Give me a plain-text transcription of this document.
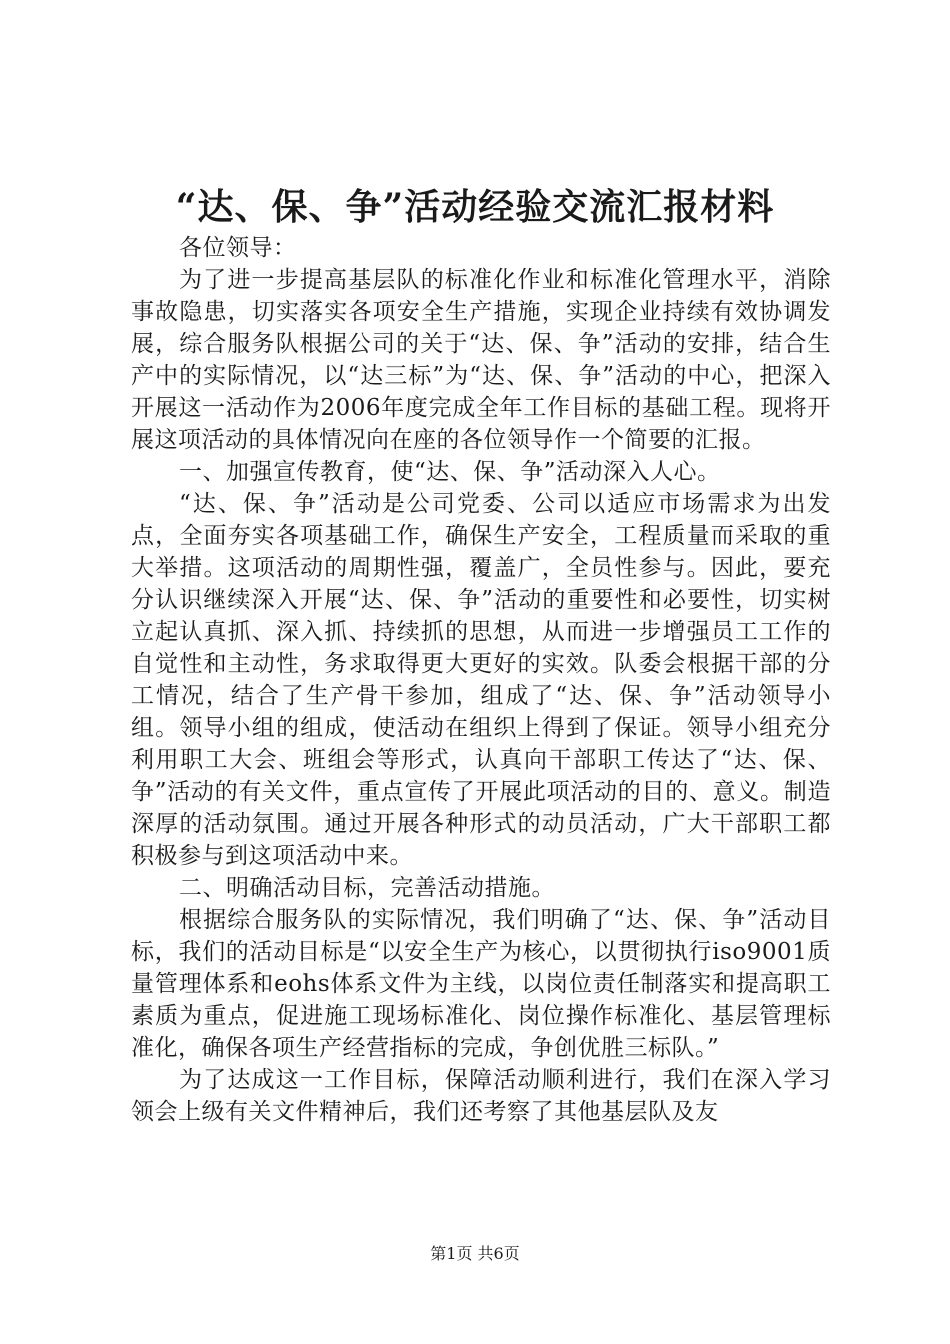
“达、保、争”活动经验交流汇报材料

各位领导：

为了进一步提高基层队的标准化作业和标准化管理水平，消除事故隐患，切实落实各项安全生产措施，实现企业持续有效协调发展，综合服务队根据公司的关于“达、保、争”活动的安排，结合生产中的实际情况，以“达三标”为“达、保、争”活动的中心，把深入开展这一活动作为2006年度完成全年工作目标的基础工程。现将开展这项活动的具体情况向在座的各位领导作一个简要的汇报。

一、加强宣传教育，使“达、保、争”活动深入人心。

“达、保、争”活动是公司党委、公司以适应市场需求为出发点，全面夯实各项基础工作，确保生产安全，工程质量而采取的重大举措。这项活动的周期性强，覆盖广，全员性参与。因此，要充分认识继续深入开展“达、保、争”活动的重要性和必要性，切实树立起认真抓、深入抓、持续抓的思想，从而进一步增强员工工作的自觉性和主动性，务求取得更大更好的实效。队委会根据干部的分工情况，结合了生产骨干参加，组成了“达、保、争”活动领导小组。领导小组的组成，使活动在组织上得到了保证。领导小组充分利用职工大会、班组会等形式，认真向干部职工传达了“达、保、争”活动的有关文件，重点宣传了开展此项活动的目的、意义。制造深厚的活动氛围。通过开展各种形式的动员活动，广大干部职工都积极参与到这项活动中来。

二、明确活动目标，完善活动措施。

根据综合服务队的实际情况，我们明确了“达、保、争”活动目标，我们的活动目标是“以安全生产为核心，以贯彻执行iso9001质量管理体系和eohs体系文件为主线，以岗位责任制落实和提高职工素质为重点，促进施工现场标准化、岗位操作标准化、基层管理标准化，确保各项生产经营指标的完成，争创优胜三标队。”

为了达成这一工作目标，保障活动顺利进行，我们在深入学习领会上级有关文件精神后，我们还考察了其他基层队及友

第1页 共6页
